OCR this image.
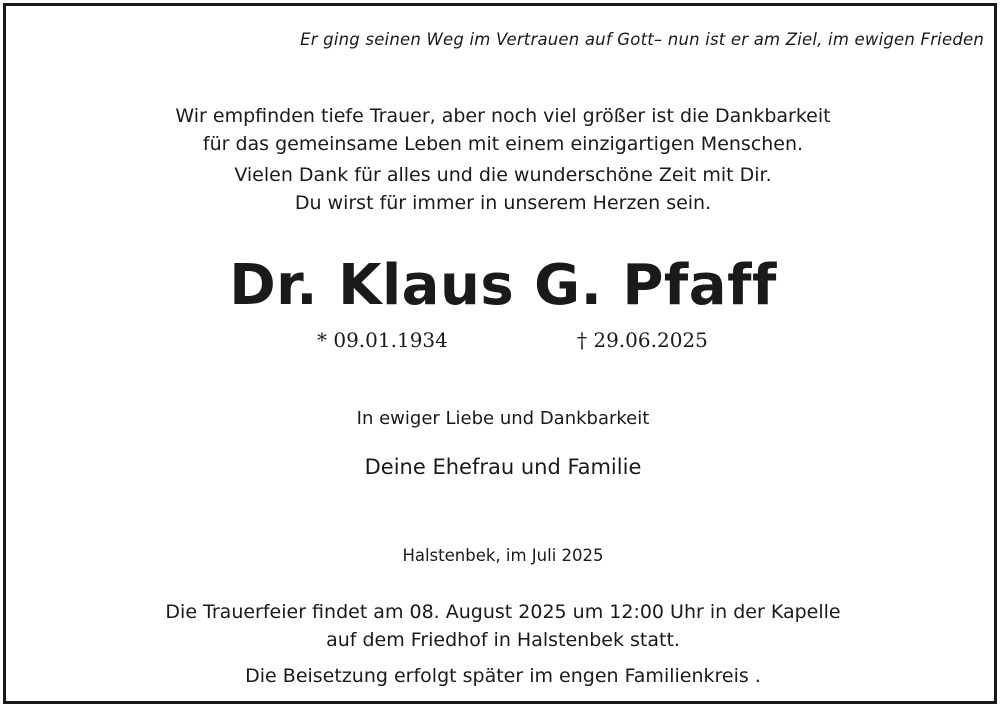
Er ging seinen Weg im Vertrauen auf Gott– nun ist er am Ziel, im ewigen Frieden
Wir empfinden tiefe Trauer, aber noch viel größer ist die Dankbarkeit
für das gemeinsame Leben mit einem einzigartigen Menschen.
Vielen Dank für alles und die wunderschöne Zeit mit Dir.
Du wirst für immer in unserem Herzen sein.
Dr. Klaus G. Pfaff
* 09.01.1934	† 29.06.2025
In ewiger Liebe und Dankbarkeit
Deine Ehefrau und Familie
Halstenbek, im Juli 2025
Die Trauerfeier findet am 08. August 2025 um 12:00 Uhr in der Kapelle
auf dem Friedhof in Halstenbek statt.
Die Beisetzung erfolgt später im engen Familienkreis .
